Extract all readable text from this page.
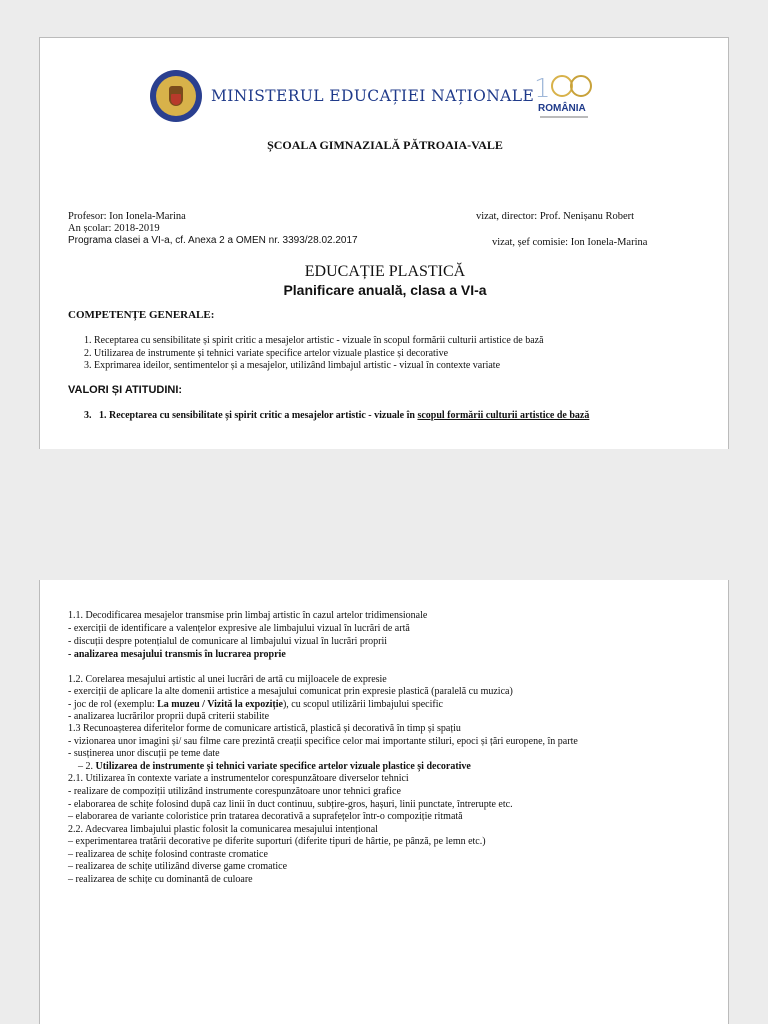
MINISTERUL EDUCAȚIEI NAȚIONALE 1
ROMÂNIA
ȘCOALA GIMNAZIALĂ PĂTROAIA-VALE
Profesor: Ion Ionela-Marina
An școlar: 2018-2019
Programa clasei a VI-a, cf. Anexa 2 a OMEN nr. 3393/28.02.2017
vizat, director: Prof. Nenișanu Robert
vizat, șef comisie: Ion Ionela-Marina
EDUCAȚIE PLASTICĂ
Planificare anuală, clasa a VI-a
COMPETENȚE GENERALE:
1. Receptarea cu sensibilitate și spirit critic a mesajelor artistic - vizuale în scopul formării culturii artistice de bază
2. Utilizarea de instrumente și tehnici variate specifice artelor vizuale plastice și decorative
3. Exprimarea ideilor, sentimentelor și a mesajelor, utilizând limbajul artistic - vizual în contexte variate
VALORI ȘI ATITUDINI:
3. 1. Receptarea cu sensibilitate și spirit critic a mesajelor artistic - vizuale în scopul formării culturii artistice de bază
1.1. Decodificarea mesajelor transmise prin limbaj artistic în cazul artelor tridimensionale
- exerciții de identificare a valențelor expresive ale limbajului vizual în lucrări de artă
- discuții despre potențialul de comunicare al limbajului vizual în lucrări proprii
- analizarea mesajului transmis în lucrarea proprie
1.2. Corelarea mesajului artistic al unei lucrări de artă cu mijloacele de expresie
- exerciții de aplicare la alte domenii artistice a mesajului comunicat prin expresie plastică (paralelă cu muzica)
- joc de rol (exemplu: La muzeu / Vizită la expoziție), cu scopul utilizării limbajului specific
- analizarea lucrărilor proprii după criterii stabilite
1.3 Recunoașterea diferitelor forme de comunicare artistică, plastică și decorativă în timp și spațiu
- vizionarea unor imagini și/ sau filme care prezintă creații specifice celor mai importante stiluri, epoci și țări europene, în parte
- susținerea unor discuții pe teme date
– 2. Utilizarea de instrumente și tehnici variate specifice artelor vizuale plastice și decorative
2.1. Utilizarea în contexte variate a instrumentelor corespunzătoare diverselor tehnici
- realizare de compoziții utilizând instrumente corespunzătoare unor tehnici grafice
- elaborarea de schițe folosind după caz linii în duct continuu, subțire-gros, hașuri, linii punctate, întrerupte etc.
– elaborarea de variante coloristice prin tratarea decorativă a suprafețelor într-o compoziție ritmată
2.2. Adecvarea limbajului plastic folosit la comunicarea mesajului intențional
– experimentarea tratării decorative pe diferite suporturi (diferite tipuri de hârtie, pe pânză, pe lemn etc.)
– realizarea de schițe folosind contraste cromatice
– realizarea de schițe utilizând diverse game cromatice
– realizarea de schițe cu dominantă de culoare
